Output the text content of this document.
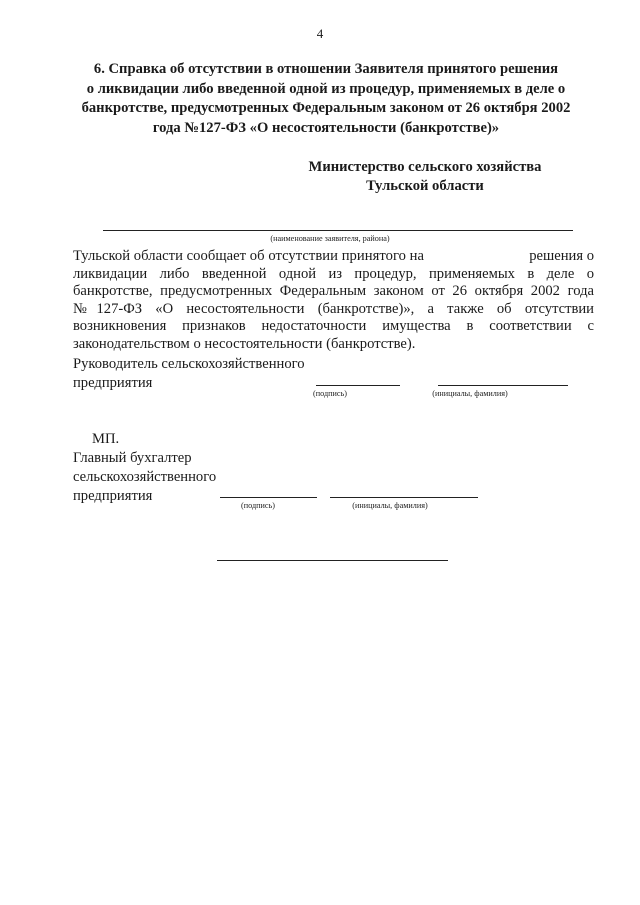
4
6. Справка об отсутствии в отношении Заявителя принятого решения
о ликвидации либо введенной одной из процедур, применяемых в деле о
банкротстве, предусмотренных Федеральным законом от 26 октября 2002
года №127-ФЗ «О несостоятельности (банкротстве)»
Министерство сельского хозяйства
Тульской области
(наименование заявителя, района)
Тульской области сообщает об отсутствии принятого на	решения о
ликвидации либо введенной одной из процедур, применяемых в деле о
банкротстве, предусмотренных Федеральным законом от 26 октября 2002 года
№127-ФЗ «О несостоятельности (банкротстве)», а также об отсутствии
возникновения признаков недостаточности имущества в соответствии с
законодательством о несостоятельности (банкротстве).
Руководитель сельскохозяйственного
предприятия
(подпись)	(инициалы, фамилия)
МП.
Главный бухгалтер
сельскохозяйственного
предприятия
(подпись)	(инициалы, фамилия)
